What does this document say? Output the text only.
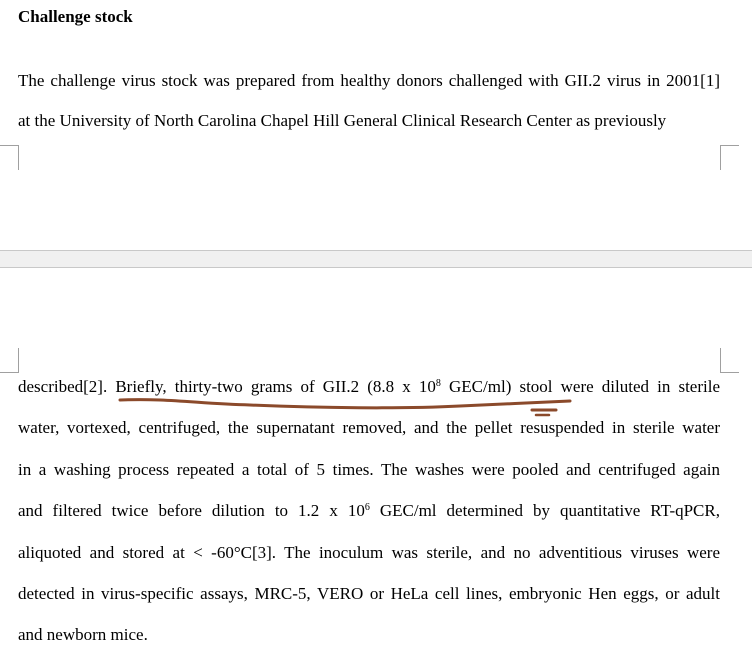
Challenge stock
The challenge virus stock was prepared from healthy donors challenged with GII.2 virus in 2001[1]
at the University of North Carolina Chapel Hill General Clinical Research Center as previously
described[2]. Briefly, thirty-two grams of GII.2 (8.8 x $10^8$ GEC/ml) stool were diluted in sterile
water, vortexed, centrifuged, the supernatant removed, and the pellet resuspended in sterile water
in a washing process repeated a total of 5 times. The washes were pooled and centrifuged again
and filtered twice before dilution to 1.2 x $10^6$ GEC/ml determined by quantitative RT-qPCR,
aliquoted and stored at < -60°C[3]. The inoculum was sterile, and no adventitious viruses were
detected in virus-specific assays, MRC-5, VERO or HeLa cell lines, embryonic Hen eggs, or adult
and newborn mice.
